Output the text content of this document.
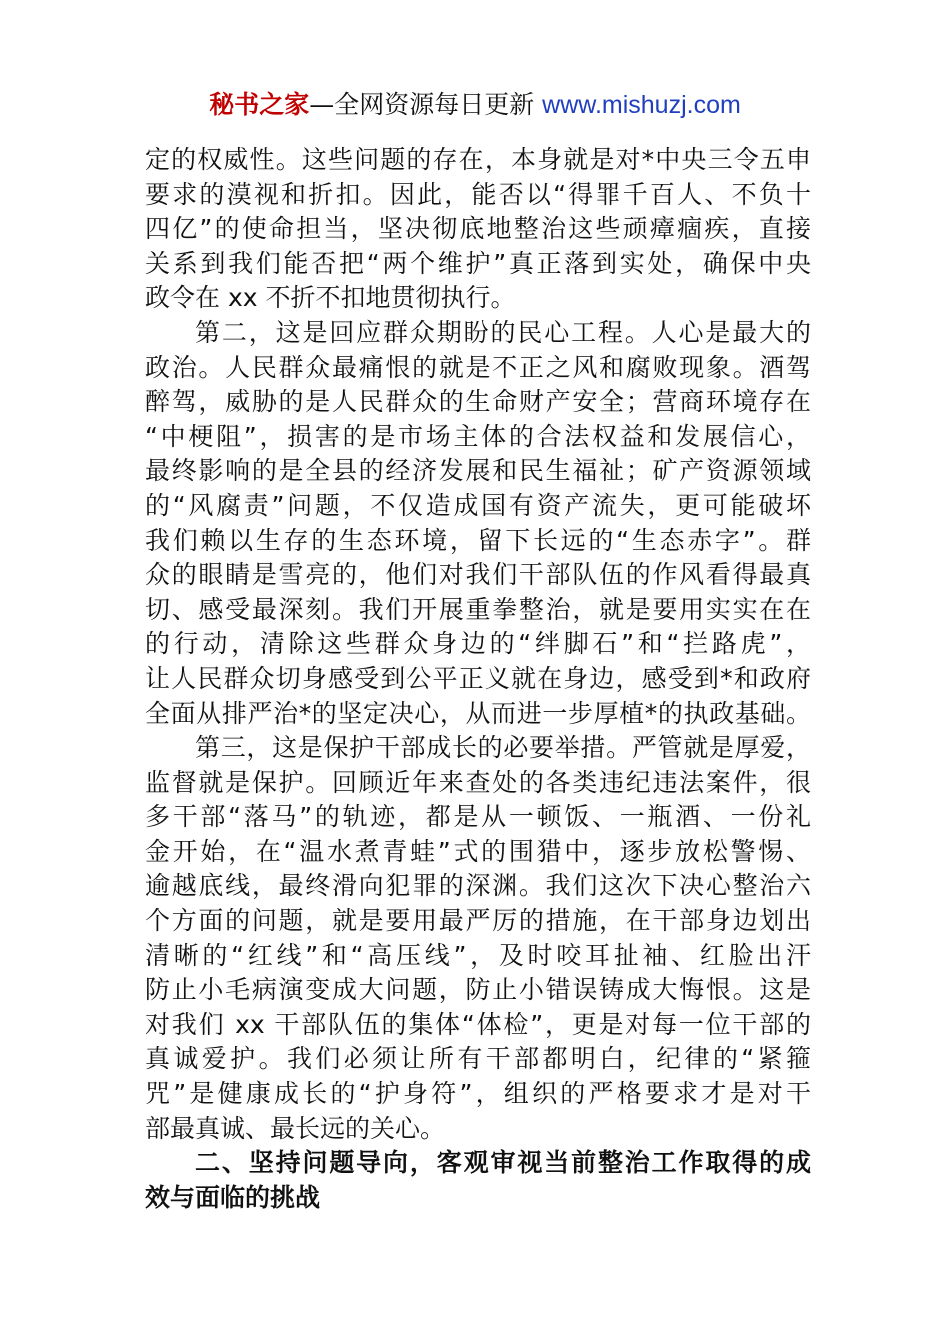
秘书之家—全网资源每日更新 www.mishuzj.com
定的权威性。这些问题的存在，本身就是对*中央三令五申
要求的漠视和折扣。因此，能否以“得罪千百人、不负十
四亿”的使命担当，坚决彻底地整治这些顽瘴痼疾，直接
关系到我们能否把“两个维护”真正落到实处，确保中央
政令在 xx 不折不扣地贯彻执行。
第二，这是回应群众期盼的民心工程。人心是最大的
政治。人民群众最痛恨的就是不正之风和腐败现象。酒驾
醉驾，威胁的是人民群众的生命财产安全；营商环境存在
“中梗阻”，损害的是市场主体的合法权益和发展信心，
最终影响的是全县的经济发展和民生福祉；矿产资源领域
的“风腐责”问题，不仅造成国有资产流失，更可能破坏
我们赖以生存的生态环境，留下长远的“生态赤字”。群
众的眼睛是雪亮的，他们对我们干部队伍的作风看得最真
切、感受最深刻。我们开展重拳整治，就是要用实实在在
的行动，清除这些群众身边的“绊脚石”和“拦路虎”，
让人民群众切身感受到公平正义就在身边，感受到*和政府
全面从排严治*的坚定决心，从而进一步厚植*的执政基础。
第三，这是保护干部成长的必要举措。严管就是厚爱，
监督就是保护。回顾近年来查处的各类违纪违法案件，很
多干部“落马”的轨迹，都是从一顿饭、一瓶酒、一份礼
金开始，在“温水煮青蛙”式的围猎中，逐步放松警惕、
逾越底线，最终滑向犯罪的深渊。我们这次下决心整治六
个方面的问题，就是要用最严厉的措施，在干部身边划出
清晰的“红线”和“高压线”，及时咬耳扯袖、红脸出汗
防止小毛病演变成大问题，防止小错误铸成大悔恨。这是
对我们 xx 干部队伍的集体“体检”，更是对每一位干部的
真诚爱护。我们必须让所有干部都明白，纪律的“紧箍
咒”是健康成长的“护身符”，组织的严格要求才是对干
部最真诚、最长远的关心。
二、坚持问题导向，客观审视当前整治工作取得的成
效与面临的挑战
